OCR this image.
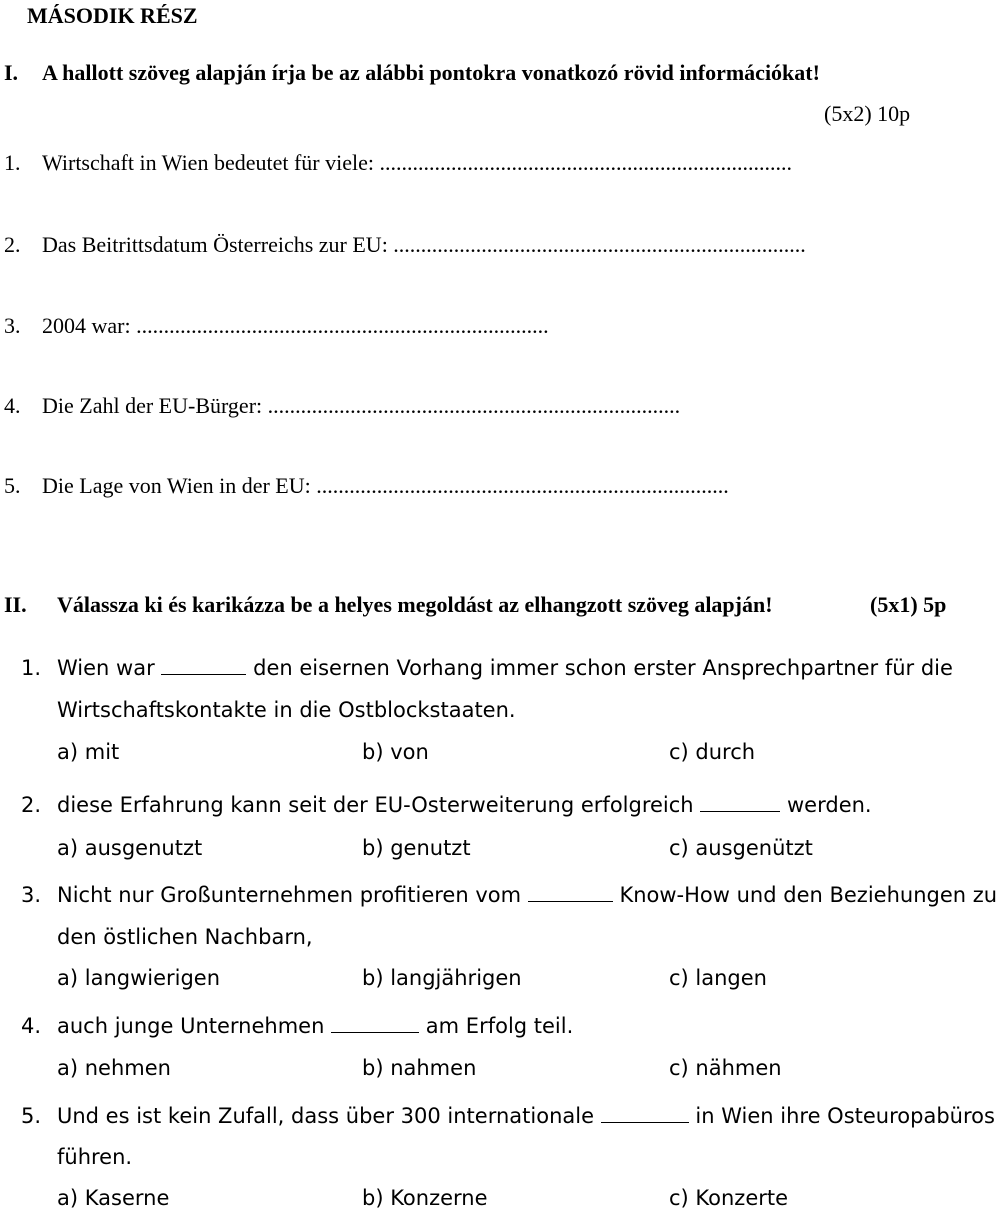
MÁSODIK RÉSZ
I. A hallott szöveg alapján írja be az alábbi pontokra vonatkozó rövid információkat!
(5x2) 10p
1. Wirtschaft in Wien bedeutet für viele: ...........................................................................
2. Das Beitrittsdatum Österreichs zur EU: ...........................................................................
3. 2004 war: ...........................................................................
4. Die Zahl der EU-Bürger: ...........................................................................
5. Die Lage von Wien in der EU: ...........................................................................
II. Válassza ki és karikázza be a helyes megoldást az elhangzott szöveg alapján!	(5x1) 5p
1. Wien war	den eisernen Vorhang immer schon erster Ansprechpartner für die
Wirtschaftskontakte in die Ostblockstaaten.
a) mit	b) von	c) durch
2. diese Erfahrung kann seit der EU-Osterweiterung erfolgreich	werden.
a) ausgenutzt	b) genutzt	c) ausgenützt
3. Nicht nur Großunternehmen profitieren vom	Know-How und den Beziehungen zu
den östlichen Nachbarn,
a) langwierigen	b) langjährigen	c) langen
4. auch junge Unternehmen	am Erfolg teil.
a) nehmen	b) nahmen	c) nähmen
5. Und es ist kein Zufall, dass über 300 internationale	in Wien ihre Osteuropabüros
führen.
a) Kaserne	b) Konzerne	c) Konzerte
